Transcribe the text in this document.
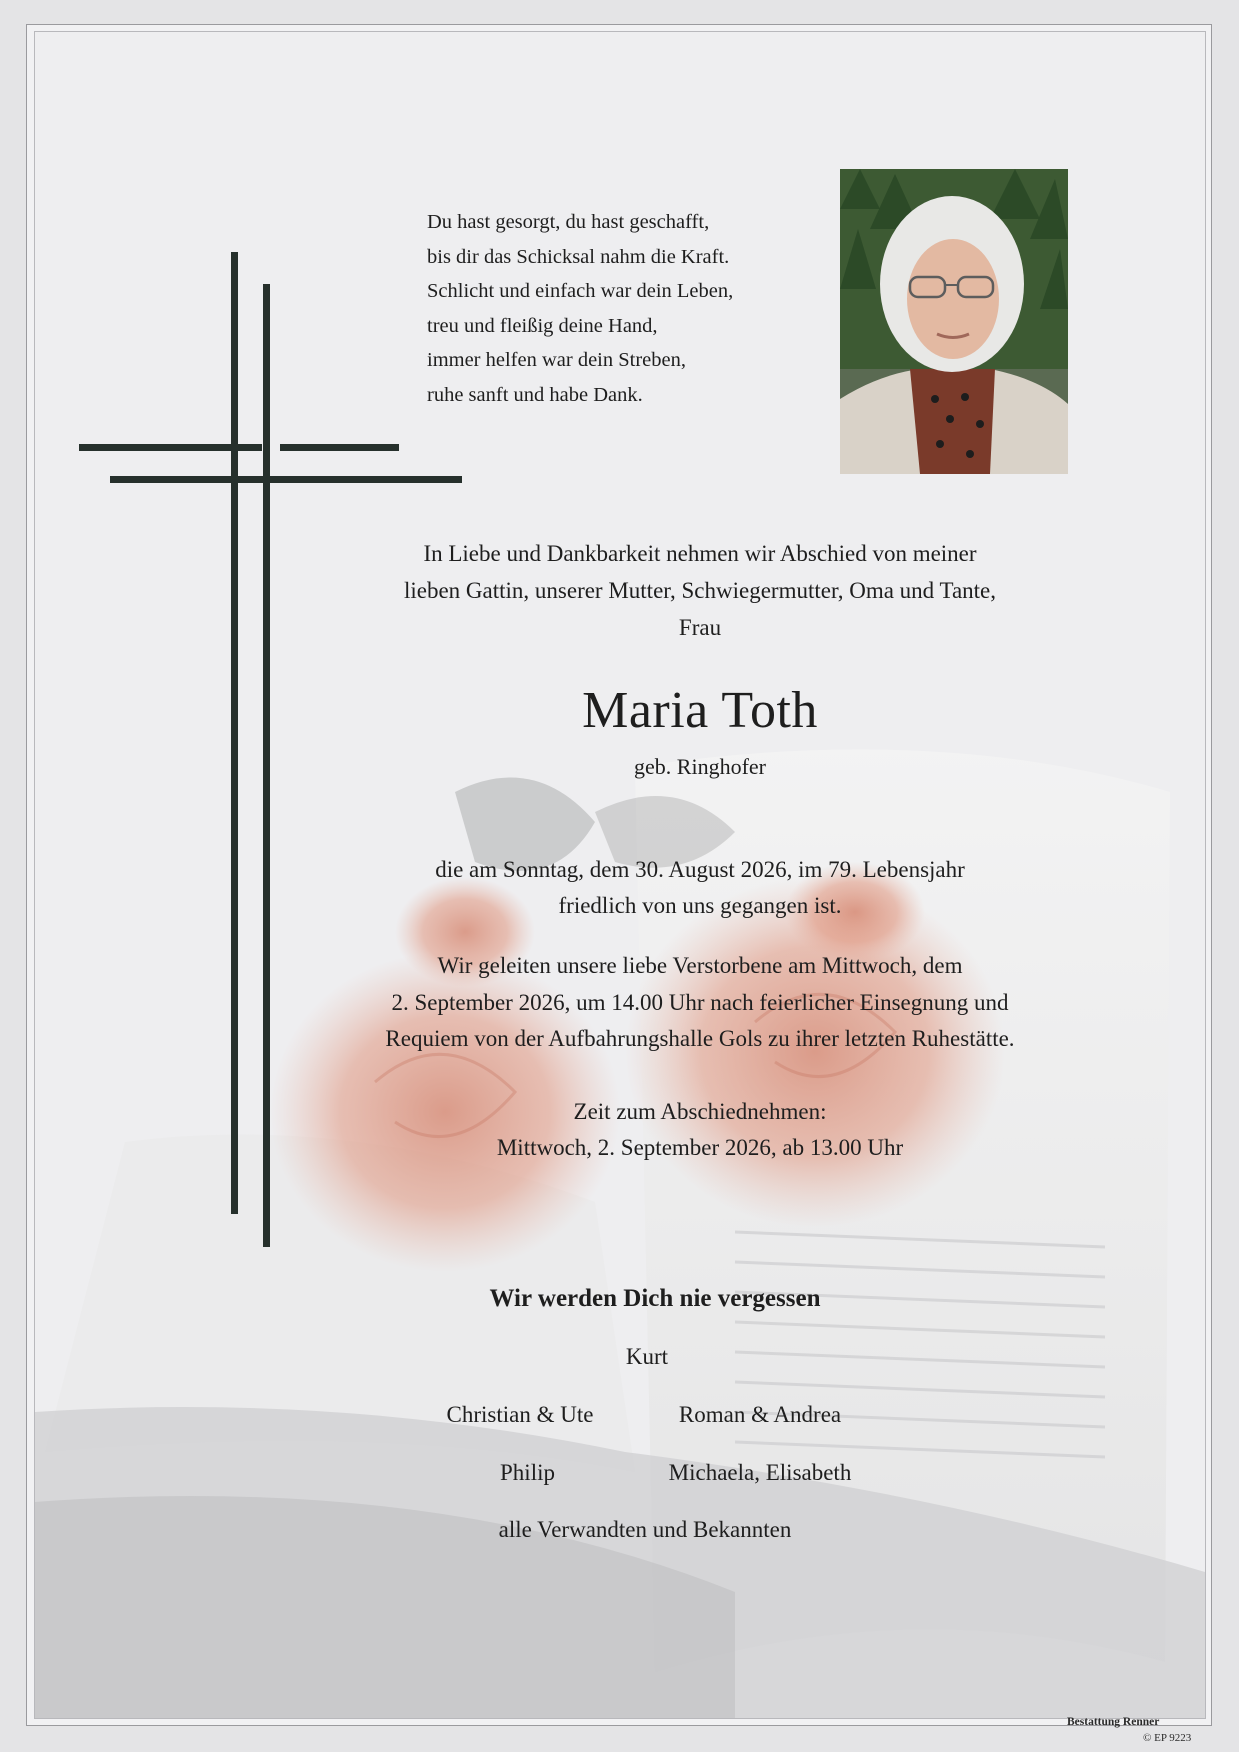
Du hast gesorgt, du hast geschafft,
bis dir das Schicksal nahm die Kraft.
Schlicht und einfach war dein Leben,
treu und fleißig deine Hand,
immer helfen war dein Streben,
ruhe sanft und habe Dank.
In Liebe und Dankbarkeit nehmen wir Abschied von meiner
lieben Gattin, unserer Mutter, Schwiegermutter, Oma und Tante,
Frau
Maria Toth
geb. Ringhofer
die am Sonntag, dem 30. August 2026, im 79. Lebensjahr
friedlich von uns gegangen ist.
Wir geleiten unsere liebe Verstorbene am Mittwoch, dem
2. September 2026, um 14.00 Uhr nach feierlicher Einsegnung und
Requiem von der Aufbahrungshalle Gols zu ihrer letzten Ruhestätte.
Zeit zum Abschiednehmen:
Mittwoch, 2. September 2026, ab 13.00 Uhr
Wir werden Dich nie vergessen
Kurt
Christian & Ute	Roman & Andrea
Philip	Michaela, Elisabeth
alle Verwandten und Bekannten
Bestattung Renner
© EP 9223
